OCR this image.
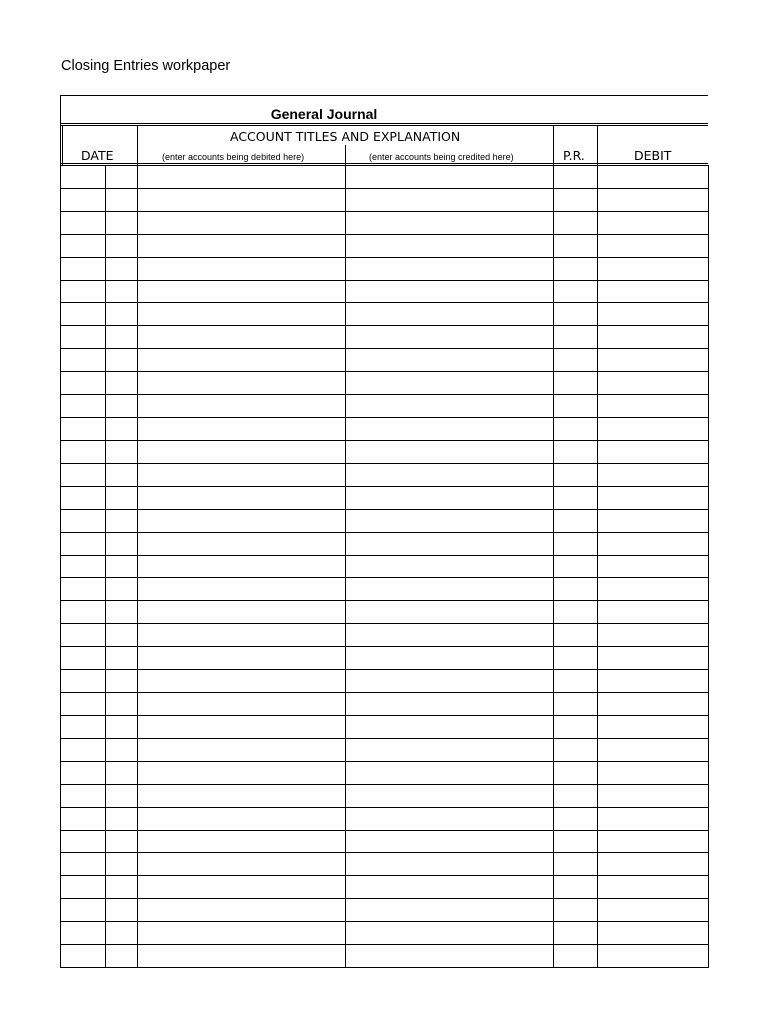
Closing Entries workpaper
General Journal
ACCOUNT TITLES AND EXPLANATION
DATE	(enter accounts being debited here)	(enter accounts being credited here)	P.R.	DEBIT
